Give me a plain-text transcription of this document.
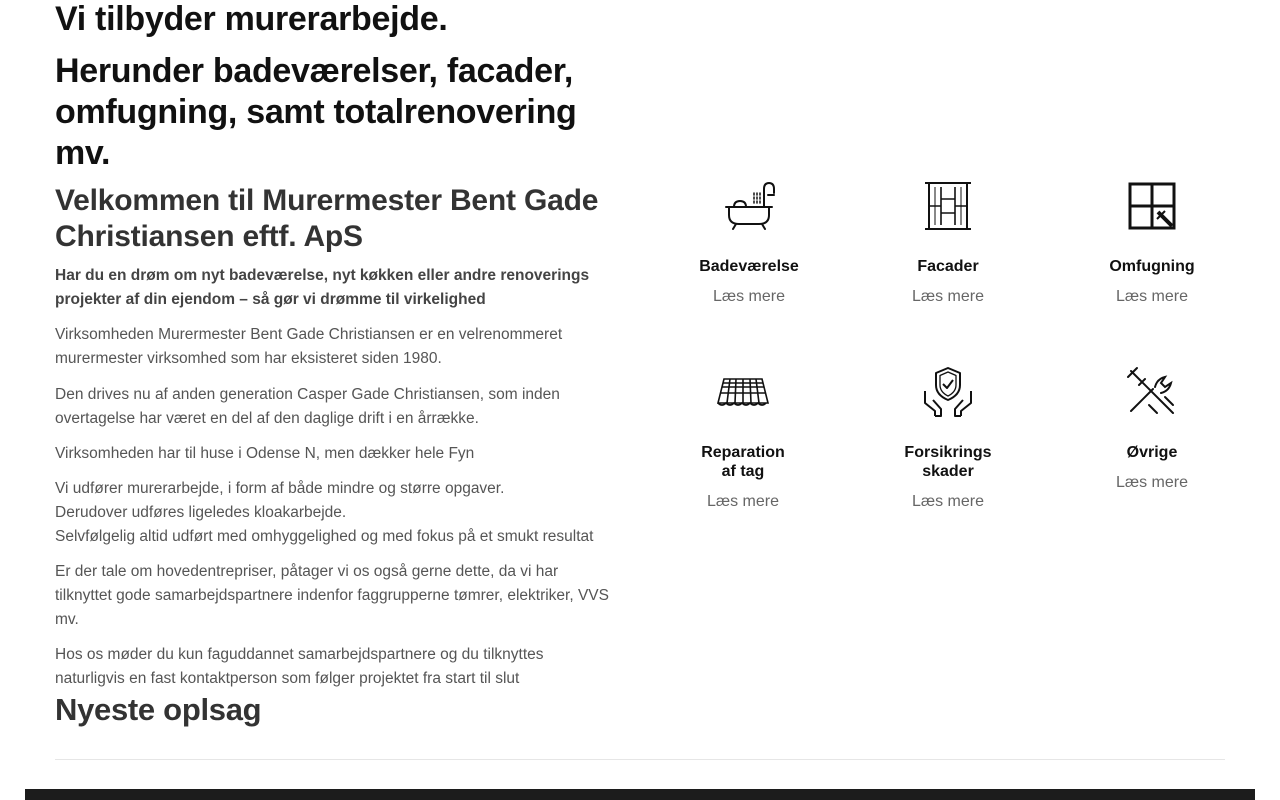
Vi tilbyder murerarbejde.
Herunder badeværelser, facader, omfugning, samt totalrenovering mv.
Velkommen til Murermester Bent Gade Christiansen eftf. ApS

Har du en drøm om nyt badeværelse, nyt køkken eller andre renoverings projekter af din ejendom – så gør vi drømme til virkelighed

Virksomheden Murermester Bent Gade Christiansen er en velrenommeret murermester virksomhed som har eksisteret siden 1980.

Den drives nu af anden generation Casper Gade Christiansen, som inden overtagelse har været en del af den daglige drift i en årrække.

Virksomheden har til huse i Odense N, men dækker hele Fyn

Vi udfører murerarbejde, i form af både mindre og større opgaver.
Derudover udføres ligeledes kloakarbejde.
Selvfølgelig altid udført med omhyggelighed og med fokus på et smukt resultat

Er der tale om hovedentrepriser, påtager vi os også gerne dette, da vi har tilknyttet gode samarbejdspartnere indenfor faggrupperne tømrer, elektriker, VVS mv.

Hos os møder du kun faguddannet samarbejdspartnere og du tilknyttes naturligvis en fast kontaktperson som følger projektet fra start til slut

Nyeste oplsag
Badeværelse
Læs mere
Facader
Læs mere
Omfugning
Læs mere
Reparation
af tag
Læs mere
Forsikrings
skader
Læs mere
Øvrige
Læs mere
